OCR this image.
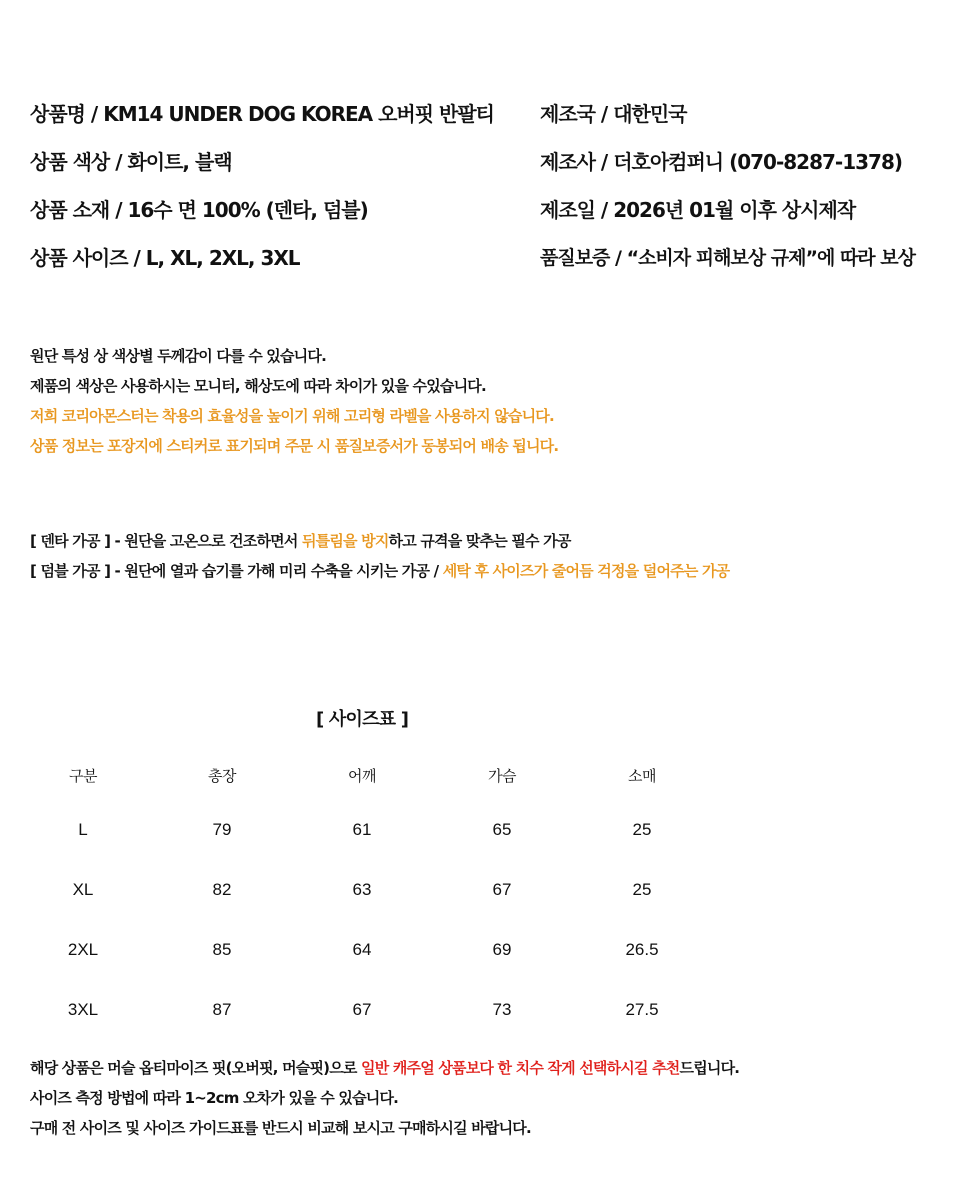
상품명 / KM14 UNDER DOG KOREA 오버핏 반팔티
상품 색상 / 화이트, 블랙
상품 소재 / 16수 면 100% (덴타, 덤블)
상품 사이즈 / L, XL, 2XL, 3XL
제조국 / 대한민국
제조사 / 더호아컴퍼니 (070-8287-1378)
제조일 / 2026년 01월 이후 상시제작
품질보증 / “소비자 피해보상 규제”에 따라 보상
원단 특성 상 색상별 두께감이 다를 수 있습니다.
제품의 색상은 사용하시는 모니터, 해상도에 따라 차이가 있을 수있습니다.
저희 코리아몬스터는 착용의 효율성을 높이기 위해 고리형 라벨을 사용하지 않습니다.
상품 정보는 포장지에 스티커로 표기되며 주문 시 품질보증서가 동봉되어 배송 됩니다.
[ 덴타 가공 ] - 원단을 고온으로 건조하면서 뒤틀림을 방지하고 규격을 맞추는 필수 가공
[ 덤블 가공 ] - 원단에 열과 습기를 가해 미리 수축을 시키는 가공 / 세탁 후 사이즈가 줄어듬 걱정을 덜어주는 가공
[ 사이즈표 ]
구분	총장	어깨	가슴	소매
L	79	61	65	25
XL	82	63	67	25
2XL	85	64	69	26.5
3XL	87	67	73	27.5
해당 상품은 머슬 옵티마이즈 핏(오버핏, 머슬핏)으로 일반 캐주얼 상품보다 한 치수 작게 선택하시길 추천드립니다.
사이즈 측정 방법에 따라 1~2cm 오차가 있을 수 있습니다.
구매 전 사이즈 및 사이즈 가이드표를 반드시 비교해 보시고 구매하시길 바랍니다.
